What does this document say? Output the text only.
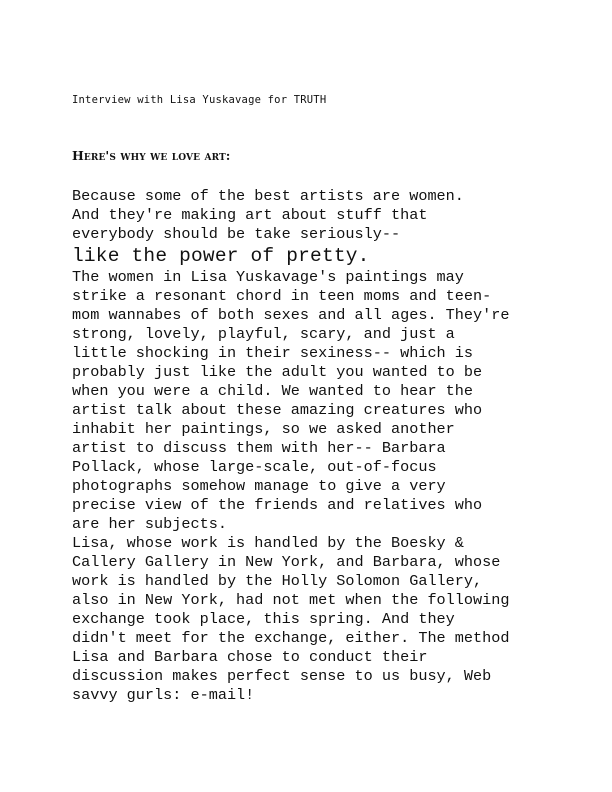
Interview with Lisa Yuskavage for TRUTH
Here's why we love art:
Because some of the best artists are women.
And they're making art about stuff that
everybody should be take seriously--
like the power of pretty.
The women in Lisa Yuskavage's paintings may
strike a resonant chord in teen moms and teen-
mom wannabes of both sexes and all ages. They're
strong, lovely, playful, scary, and just a
little shocking in their sexiness-- which is
probably just like the adult you wanted to be
when you were a child. We wanted to hear the
artist talk about these amazing creatures who
inhabit her paintings, so we asked another
artist to discuss them with her-- Barbara
Pollack, whose large-scale, out-of-focus
photographs somehow manage to give a very
precise view of the friends and relatives who
are her subjects.
Lisa, whose work is handled by the Boesky &
Callery Gallery in New York, and Barbara, whose
work is handled by the Holly Solomon Gallery,
also in New York, had not met when the following
exchange took place, this spring. And they
didn't meet for the exchange, either. The method
Lisa and Barbara chose to conduct their
discussion makes perfect sense to us busy, Web
savvy gurls: e-mail!
